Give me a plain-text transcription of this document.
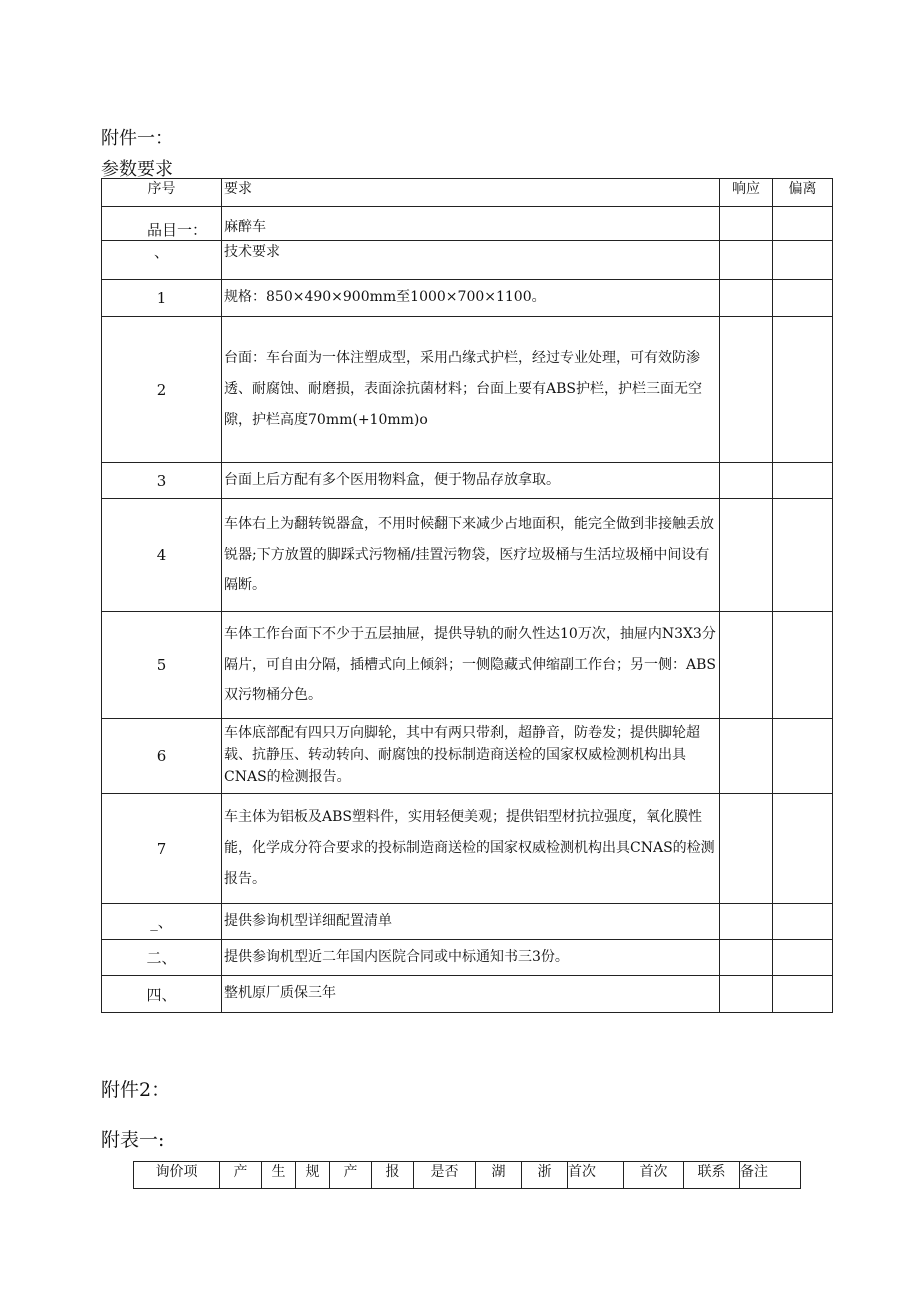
附件一：
参数要求
序号	要求	响应	偏离
品目一：	麻醉车		
、	技术要求		
1	规格：850×490×900mm至1000×700×1100。		
2	台面：车台面为一体注塑成型，采用凸缘式护栏，经过专业处理，可有效防渗透、耐腐蚀、耐磨损，表面涂抗菌材料；台面上要有ABS护栏，护栏三面无空隙，护栏高度70mm(+10mm)o		
3	台面上后方配有多个医用物料盒，便于物品存放拿取。		
4	车体右上为翻转锐器盒，不用时候翻下来减少占地面积，能完全做到非接触丢放锐器;下方放置的脚踩式污物桶/挂置污物袋，医疗垃圾桶与生活垃圾桶中间设有隔断。		
5	车体工作台面下不少于五层抽屉，提供导轨的耐久性达10万次，抽屉内N3X3分隔片，可自由分隔，插槽式向上倾斜；一侧隐藏式伸缩副工作台；另一侧：ABS双污物桶分色。		
6	车体底部配有四只万向脚轮，其中有两只带刹，超静音，防卷发；提供脚轮超载、抗静压、转动转向、耐腐蚀的投标制造商送检的国家权威检测机构出具CNAS的检测报告。		
7	车主体为铝板及ABS塑料件，实用轻便美观；提供铝型材抗拉强度，氧化膜性能，化学成分符合要求的投标制造商送检的国家权威检测机构出具CNAS的检测报告。		
_、	提供参询机型详细配置清单		
二、	提供参询机型近二年国内医院合同或中标通知书三3份。		
四、	整机原厂质保三年		
附件2：
附表一:
询价项	产	生	规	产	报	是否	湖	浙	首次	首次	联系	备注
